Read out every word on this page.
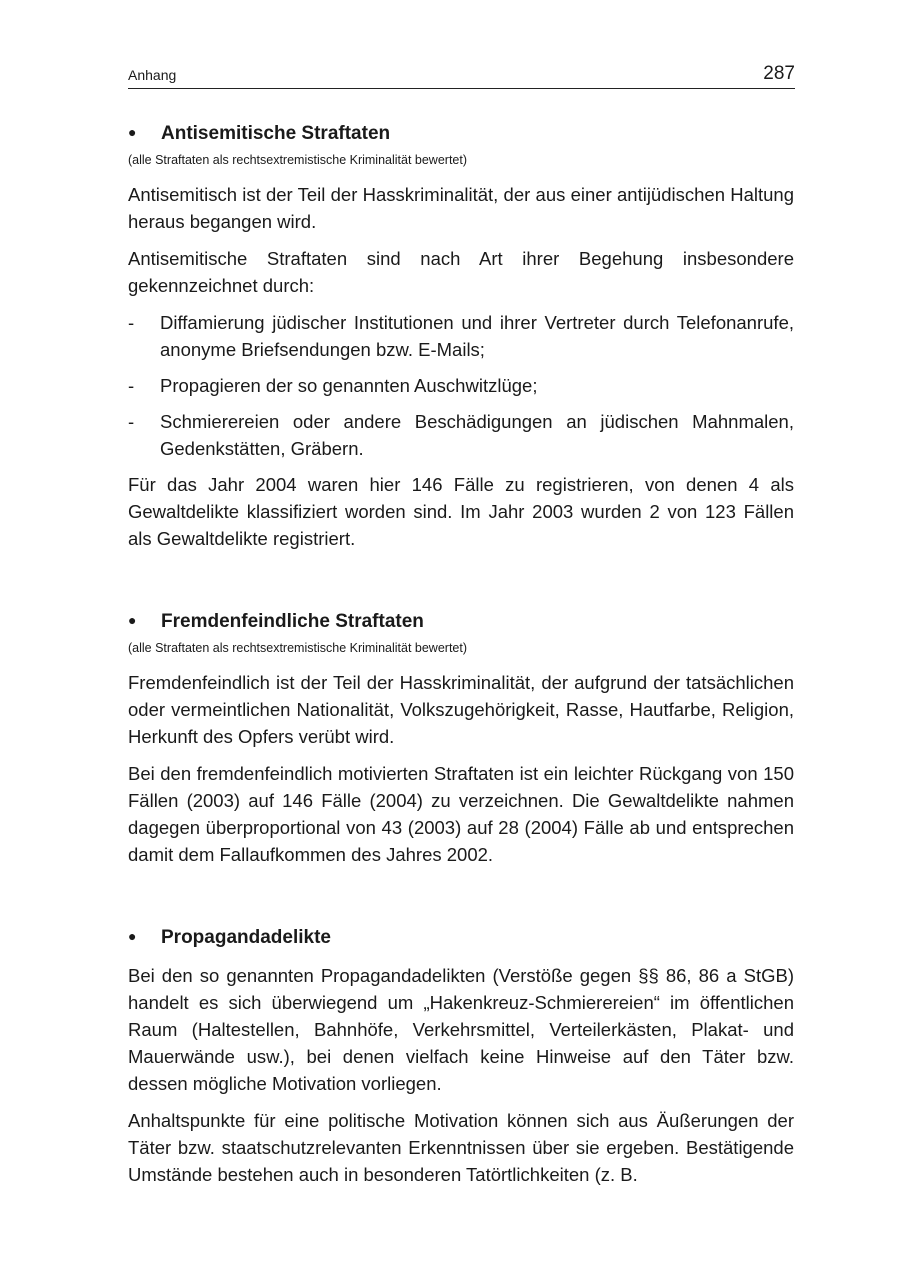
Anhang	287
●	Antisemitische Straftaten
(alle Straftaten als rechtsextremistische Kriminalität bewertet)

Antisemitisch ist der Teil der Hasskriminalität, der aus einer antijüdischen Haltung heraus begangen wird.

Antisemitische Straftaten sind nach Art ihrer Begehung insbesondere gekennzeichnet durch:

-	Diffamierung jüdischer Institutionen und ihrer Vertreter durch Telefonanrufe, anonyme Briefsendungen bzw. E-Mails;
-	Propagieren der so genannten Auschwitzlüge;
-	Schmierereien oder andere Beschädigungen an jüdischen Mahnmalen, Gedenkstätten, Gräbern.

Für das Jahr 2004 waren hier 146 Fälle zu registrieren, von denen 4 als Gewaltdelikte klassifiziert worden sind. Im Jahr 2003 wurden 2 von 123 Fällen als Gewaltdelikte registriert.

●	Fremdenfeindliche Straftaten
(alle Straftaten als rechtsextremistische Kriminalität bewertet)

Fremdenfeindlich ist der Teil der Hasskriminalität, der aufgrund der tatsächlichen oder vermeintlichen Nationalität, Volkszugehörigkeit, Rasse, Hautfarbe, Religion, Herkunft des Opfers verübt wird.

Bei den fremdenfeindlich motivierten Straftaten ist ein leichter Rückgang von 150 Fällen (2003) auf 146 Fälle (2004) zu verzeichnen. Die Gewaltdelikte nahmen dagegen überproportional von 43 (2003) auf 28 (2004) Fälle ab und entsprechen damit dem Fallaufkommen des Jahres 2002.

●	Propagandadelikte

Bei den so genannten Propagandadelikten (Verstöße gegen §§ 86, 86 a StGB) handelt es sich überwiegend um „Hakenkreuz-Schmierereien“ im öffentlichen Raum (Haltestellen, Bahnhöfe, Verkehrsmittel, Verteilerkästen, Plakat- und Mauerwände usw.), bei denen vielfach keine Hinweise auf den Täter bzw. dessen mögliche Motivation vorliegen.

Anhaltspunkte für eine politische Motivation können sich aus Äußerungen der Täter bzw. staatschutzrelevanten Erkenntnissen über sie ergeben. Bestätigende Umstände bestehen auch in besonderen Tatörtlichkeiten (z. B.
